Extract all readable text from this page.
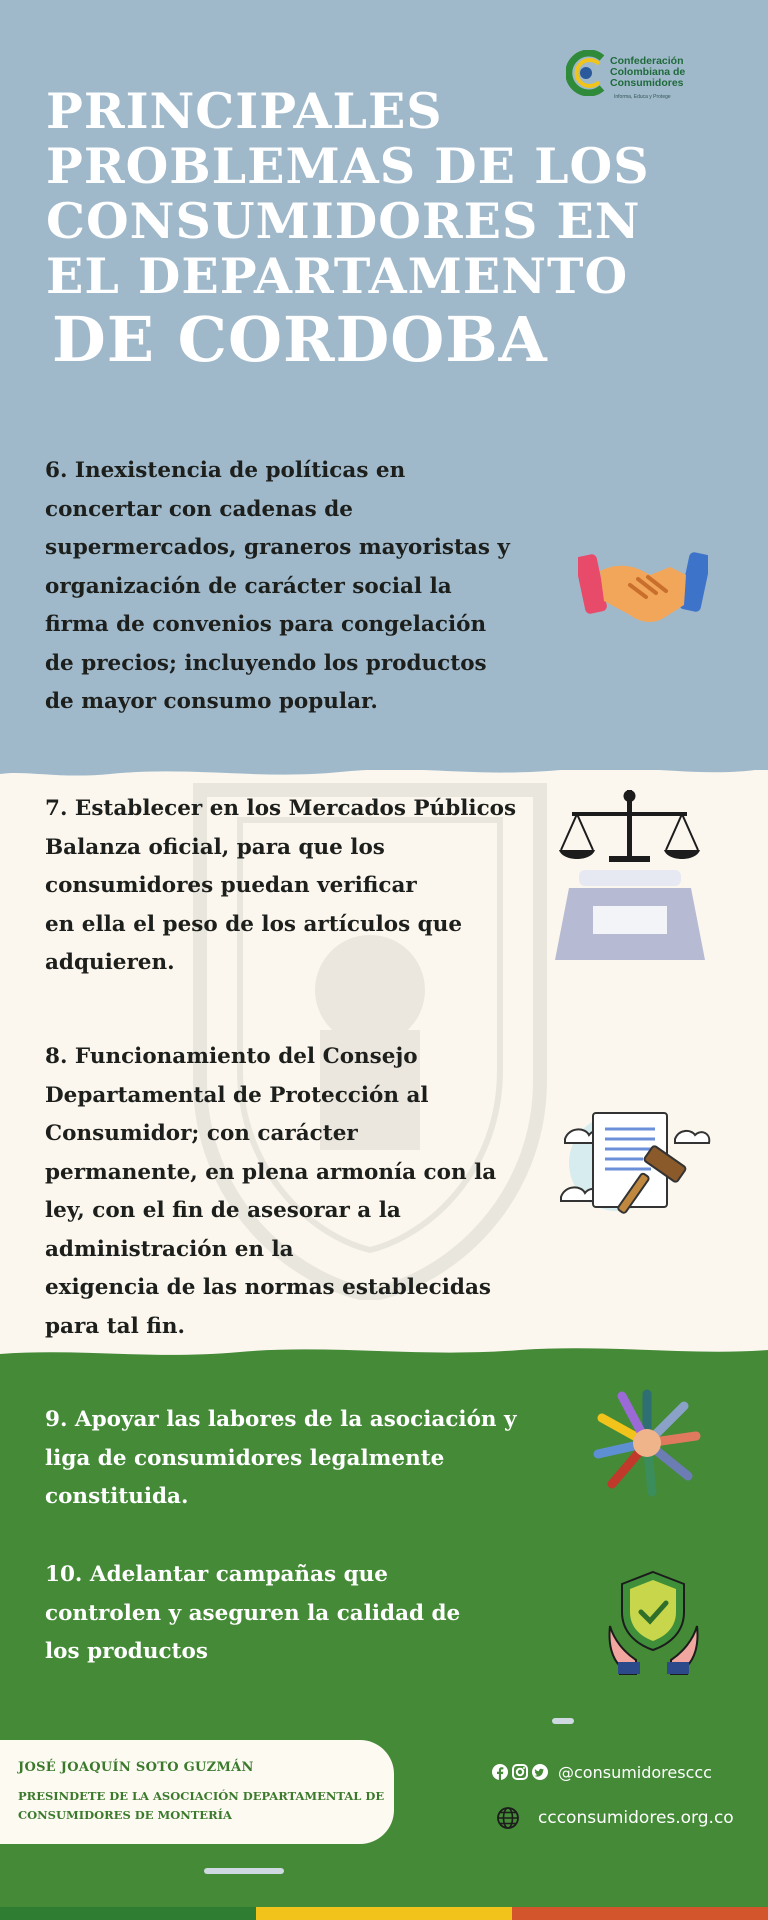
Confederación
Colombiana de
Consumidores
Informa, Educa y Protege
PRINCIPALES
PROBLEMAS DE LOS
CONSUMIDORES EN
EL DEPARTAMENTO
DE CORDOBA
6. Inexistencia de políticas en
concertar con cadenas de
supermercados, graneros mayoristas y
organización de carácter social la
firma de convenios para congelación
de precios; incluyendo los productos
de mayor consumo popular.
7. Establecer en los Mercados Públicos
Balanza oficial, para que los
consumidores puedan verificar
en ella el peso de los artículos que
adquieren.
8. Funcionamiento del Consejo
Departamental de Protección al
Consumidor; con carácter
permanente, en plena armonía con la
ley, con el fin de asesorar a la
administración en la
exigencia de las normas establecidas
para tal fin.
9. Apoyar las labores de la asociación y
liga de consumidores legalmente
constituida.
10. Adelantar campañas que
controlen y aseguren la calidad de
los productos
JOSÉ JOAQUÍN SOTO GUZMÁN
PRESINDETE DE LA ASOCIACIÓN DEPARTAMENTAL DE
CONSUMIDORES DE MONTERÍA
@consumidoresccc
ccconsumidores.org.co
